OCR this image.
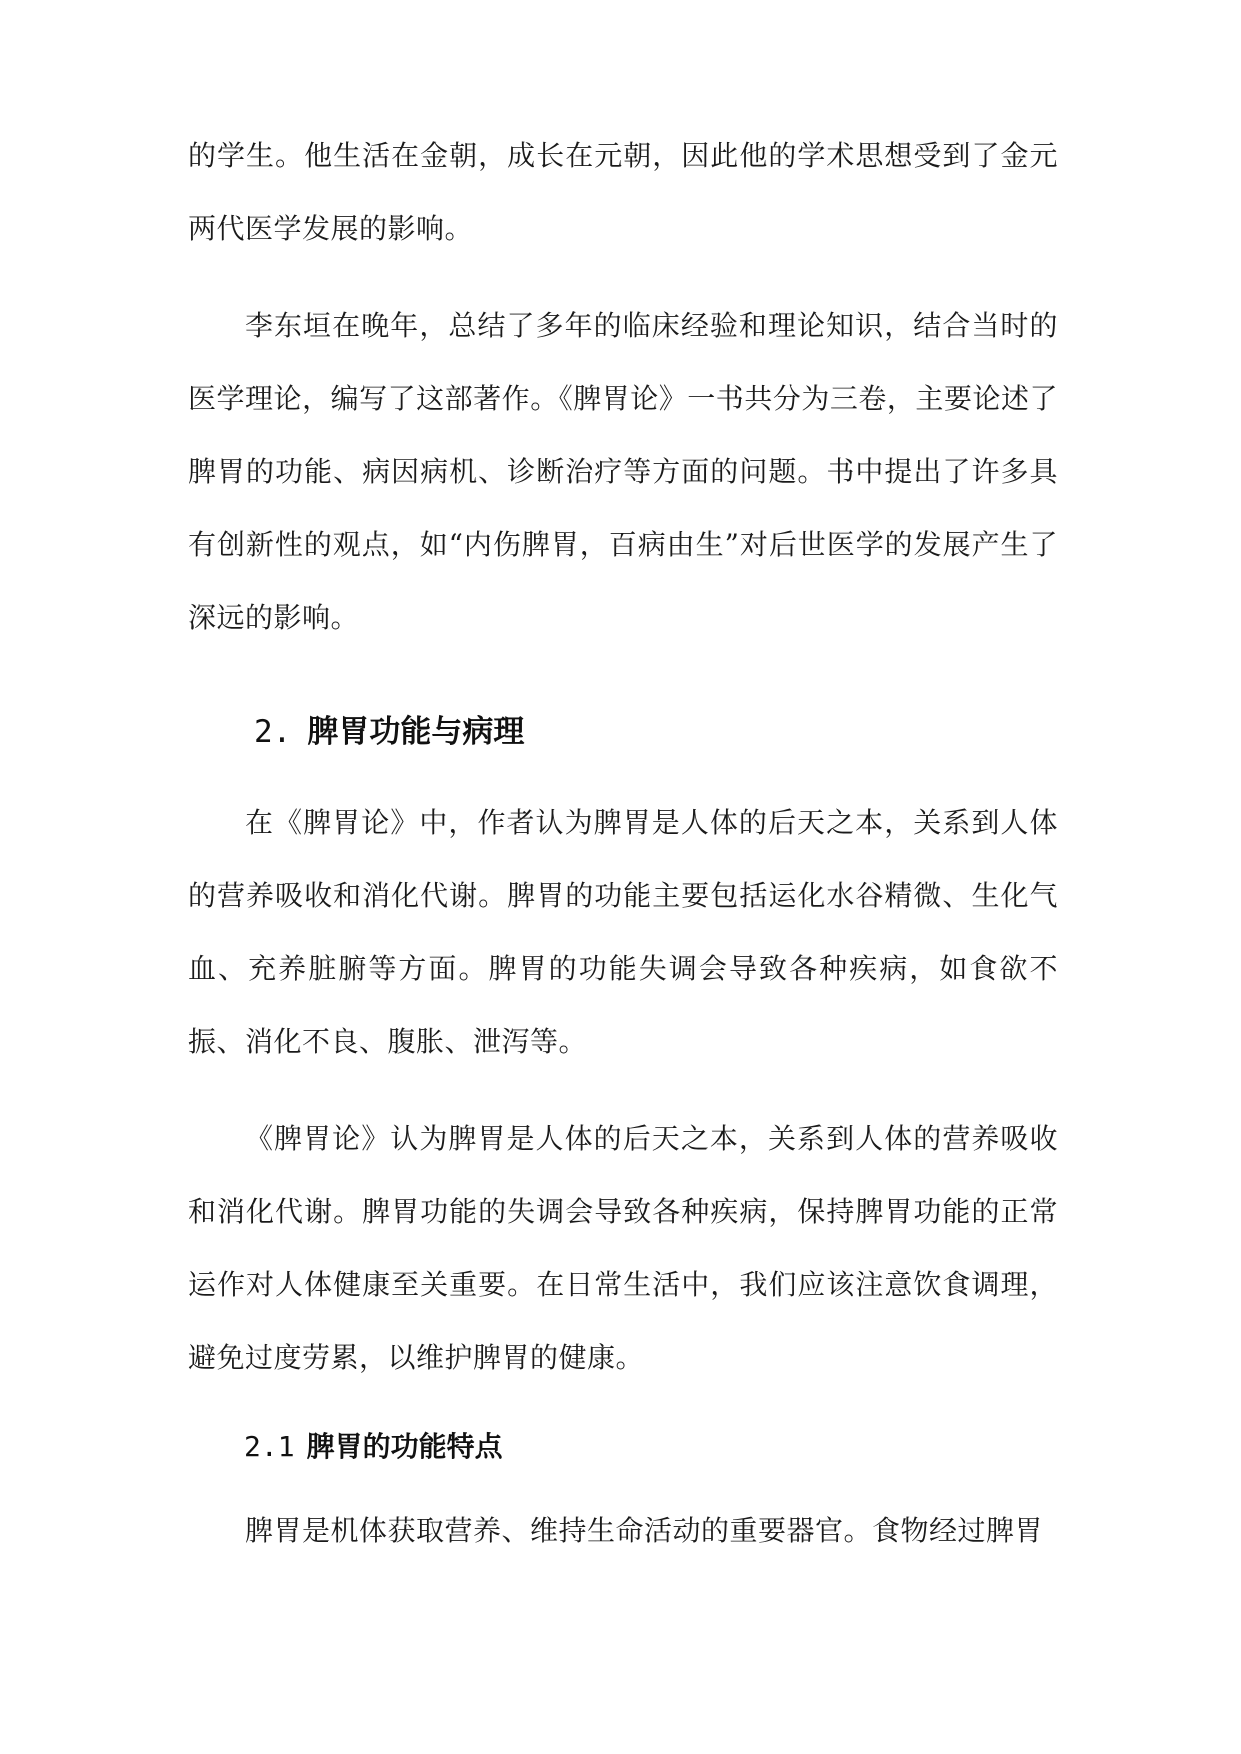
的学生。他生活在金朝，成长在元朝，因此他的学术思想受到了金元两代医学发展的影响。

李东垣在晚年，总结了多年的临床经验和理论知识，结合当时的医学理论，编写了这部著作。《脾胃论》一书共分为三卷，主要论述了脾胃的功能、病因病机、诊断治疗等方面的问题。书中提出了许多具有创新性的观点，如“内伤脾胃，百病由生”对后世医学的发展产生了深远的影响。

2. 脾胃功能与病理

在《脾胃论》中，作者认为脾胃是人体的后天之本，关系到人体的营养吸收和消化代谢。脾胃的功能主要包括运化水谷精微、生化气血、充养脏腑等方面。脾胃的功能失调会导致各种疾病，如食欲不振、消化不良、腹胀、泄泻等。

《脾胃论》认为脾胃是人体的后天之本，关系到人体的营养吸收和消化代谢。脾胃功能的失调会导致各种疾病，保持脾胃功能的正常运作对人体健康至关重要。在日常生活中，我们应该注意饮食调理，避免过度劳累，以维护脾胃的健康。

2.1 脾胃的功能特点

脾胃是机体获取营养、维持生命活动的重要器官。食物经过脾胃
